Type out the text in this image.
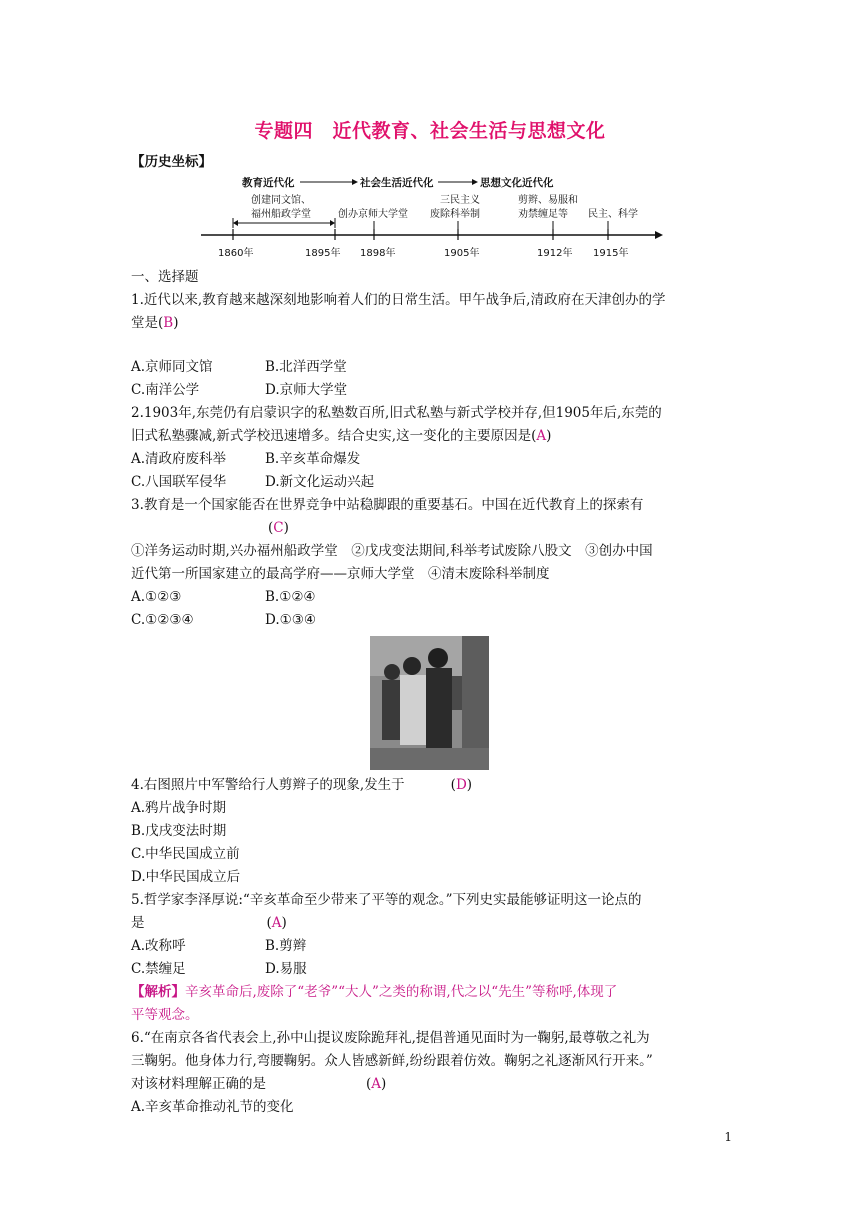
专题四　近代教育、社会生活与思想文化
【历史坐标】
教育近代化	社会生活近代化	思想文化近代化
创建同文馆、
福州船政学堂	创办京师大学堂
三民主义
废除科举制
剪辫、易服和
劝禁缠足等 民主、科学
1860年	1895年 1898年	1905年	1912年 1915年
一、选择题
1.近代以来,教育越来越深刻地影响着人们的日常生活。甲午战争后,清政府在天津创办的学
堂是(B)
A.京师同文馆	B.北洋西学堂
C.南洋公学	D.京师大学堂
2.1903年,东莞仍有启蒙识字的私塾数百所,旧式私塾与新式学校并存,但1905年后,东莞的
旧式私塾骤减,新式学校迅速增多。结合史实,这一变化的主要原因是(A)
A.清政府废科举	B.辛亥革命爆发
C.八国联军侵华	D.新文化运动兴起
3.教育是一个国家能否在世界竞争中站稳脚跟的重要基石。中国在近代教育上的探索有
(C)
①洋务运动时期,兴办福州船政学堂　②戊戌变法期间,科举考试废除八股文　③创办中国
近代第一所国家建立的最高学府——京师大学堂　④清末废除科举制度
A.①②③	B.①②④
C.①②③④	D.①③④
4.右图照片中军警给行人剪辫子的现象,发生于	(D)
A.鸦片战争时期
B.戊戌变法时期
C.中华民国成立前
D.中华民国成立后
5.哲学家李泽厚说:“辛亥革命至少带来了平等的观念。”下列史实最能够证明这一论点的
是	(A)
A.改称呼	B.剪辫
C.禁缠足	D.易服
【解析】辛亥革命后,废除了“老爷”“大人”之类的称谓,代之以“先生”等称呼,体现了
平等观念。
6.“在南京各省代表会上,孙中山提议废除跪拜礼,提倡普通见面时为一鞠躬,最尊敬之礼为
三鞠躬。他身体力行,弯腰鞠躬。众人皆感新鲜,纷纷跟着仿效。鞠躬之礼逐渐风行开来。”
对该材料理解正确的是	(A)
A.辛亥革命推动礼节的变化
1
